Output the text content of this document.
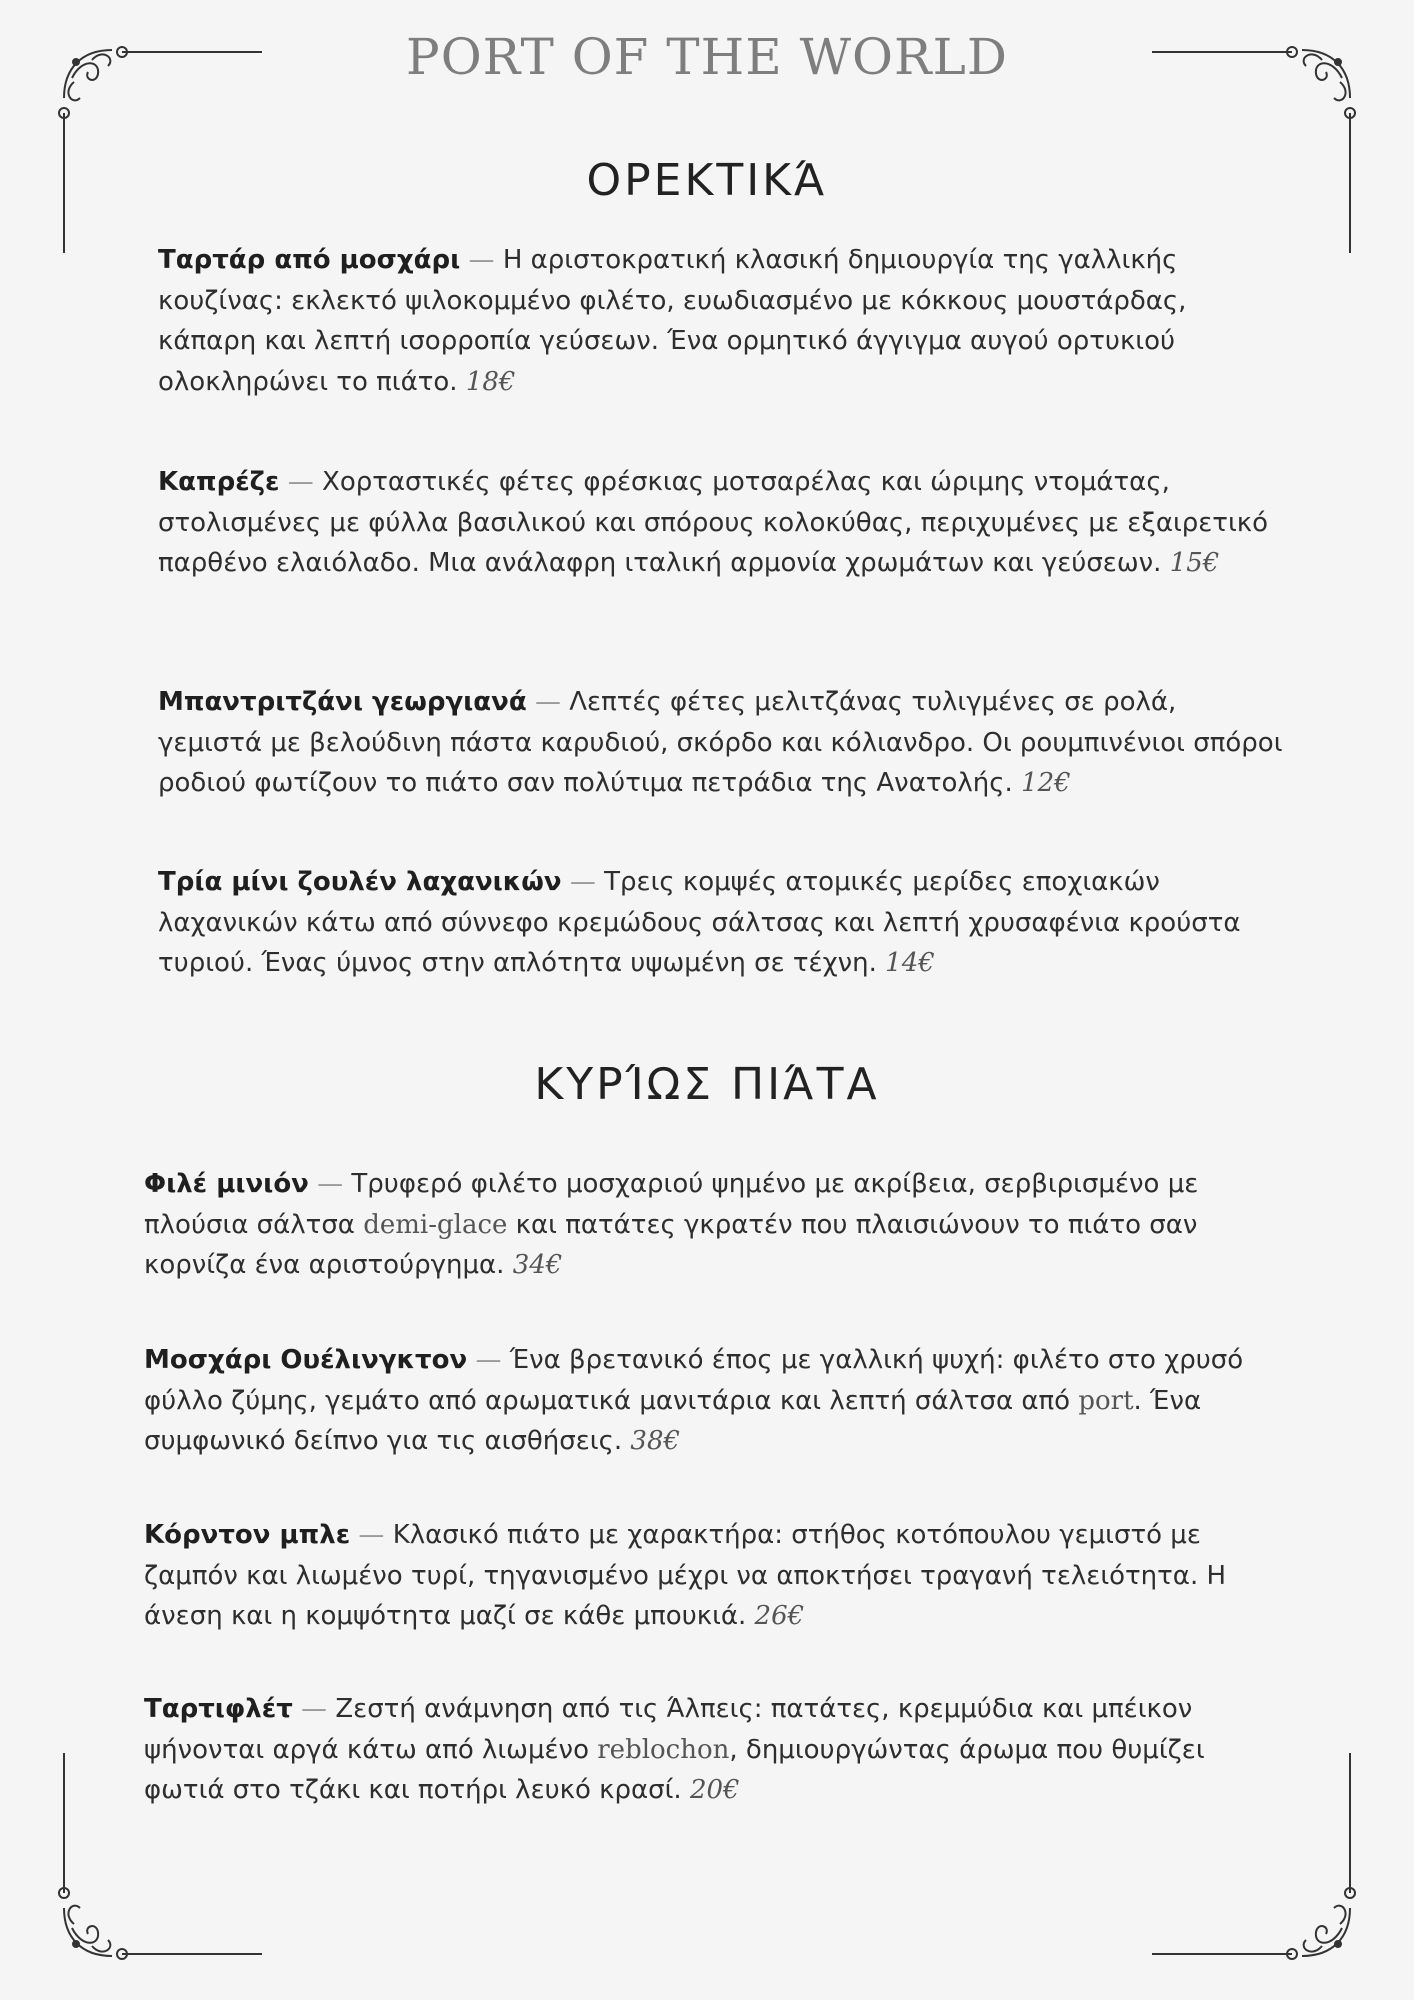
PORT OF THE WORLD
ΟΡΕΚΤΙΚΆ

Ταρτάρ από μοσχάρι — Η αριστοκρατική κλασική δημιουργία της γαλλικής κουζίνας: εκλεκτό ψιλοκομμένο φιλέτο, ευωδιασμένο με κόκκους μουστάρδας, κάπαρη και λεπτή ισορροπία γεύσεων. Ένα ορμητικό άγγιγμα αυγού ορτυκιού ολοκληρώνει το πιάτο. 18€

Καπρέζε — Χορταστικές φέτες φρέσκιας μοτσαρέλας και ώριμης ντομάτας, στολισμένες με φύλλα βασιλικού και σπόρους κολοκύθας, περιχυμένες με εξαιρετικό παρθένο ελαιόλαδο. Μια ανάλαφρη ιταλική αρμονία χρωμάτων και γεύσεων. 15€

Μπαντριτζάνι γεωργιανά — Λεπτές φέτες μελιτζάνας τυλιγμένες σε ρολά, γεμιστά με βελούδινη πάστα καρυδιού, σκόρδο και κόλιανδρο. Οι ρουμπινένιοι σπόροι ροδιού φωτίζουν το πιάτο σαν πολύτιμα πετράδια της Ανατολής. 12€

Τρία μίνι ζουλέν λαχανικών — Τρεις κομψές ατομικές μερίδες εποχιακών λαχανικών κάτω από σύννεφο κρεμώδους σάλτσας και λεπτή χρυσαφένια κρούστα τυριού. Ένας ύμνος στην απλότητα υψωμένη σε τέχνη. 14€

ΚΥΡΊΩΣ ΠΙΆΤΑ

Φιλέ μινιόν — Τρυφερό φιλέτο μοσχαριού ψημένο με ακρίβεια, σερβιρισμένο με πλούσια σάλτσα demi-glace και πατάτες γκρατέν που πλαισιώνουν το πιάτο σαν κορνίζα ένα αριστούργημα. 34€

Μοσχάρι Ουέλινγκτον — Ένα βρετανικό έπος με γαλλική ψυχή: φιλέτο στο χρυσό φύλλο ζύμης, γεμάτο από αρωματικά μανιτάρια και λεπτή σάλτσα από port. Ένα συμφωνικό δείπνο για τις αισθήσεις. 38€

Κόρντον μπλε — Κλασικό πιάτο με χαρακτήρα: στήθος κοτόπουλου γεμιστό με ζαμπόν και λιωμένο τυρί, τηγανισμένο μέχρι να αποκτήσει τραγανή τελειότητα. Η άνεση και η κομψότητα μαζί σε κάθε μπουκιά. 26€

Ταρτιφλέτ — Ζεστή ανάμνηση από τις Άλπεις: πατάτες, κρεμμύδια και μπέικον ψήνονται αργά κάτω από λιωμένο reblochon, δημιουργώντας άρωμα που θυμίζει φωτιά στο τζάκι και ποτήρι λευκό κρασί. 20€
